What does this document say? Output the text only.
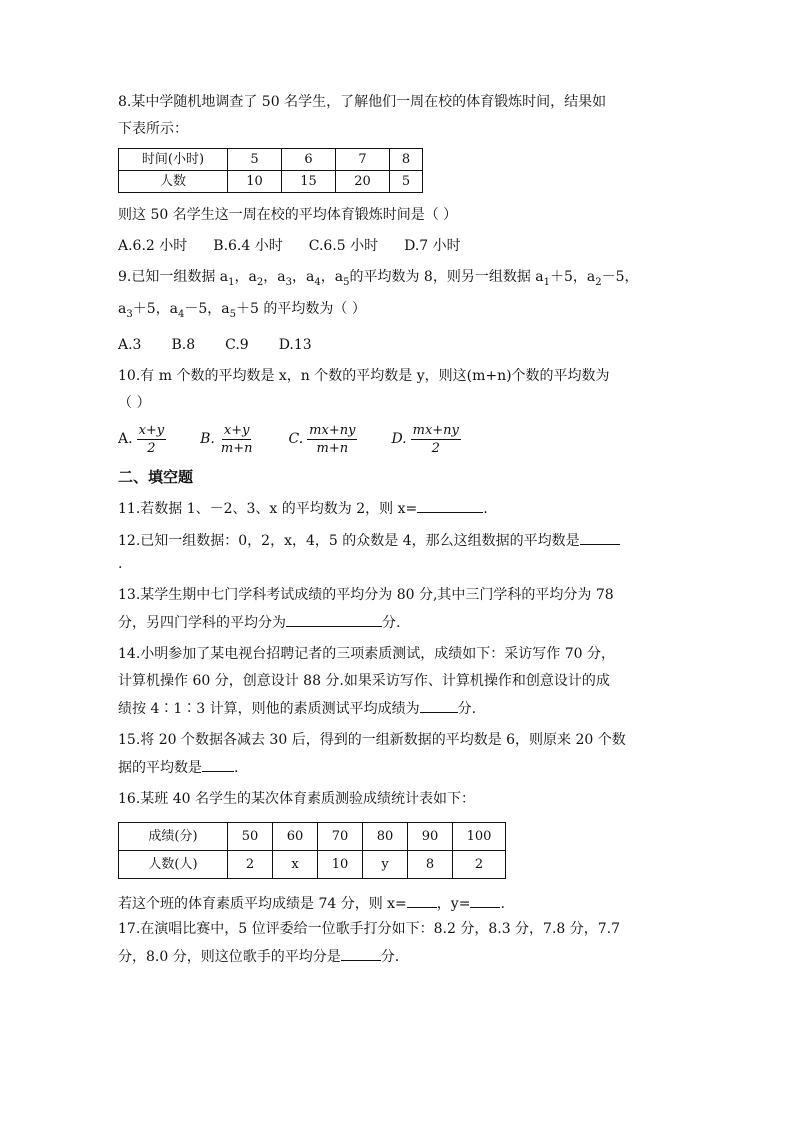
8.某中学随机地调查了 50 名学生，了解他们一周在校的体育锻炼时间，结果如

下表所示：

时间(小时)	5	6	7	8
人数	10	15	20	5

则这 50 名学生这一周在校的平均体育锻炼时间是（ ）

A.6.2 小时 B.6.4 小时 C.6.5 小时 D.7 小时

9.已知一组数据 $a_1$，$a_2$，$a_3$，$a_4$，$a_5$的平均数为 8，则另一组数据 $a_1+5$，$a_2-5$，

$a_3+5$，$a_4-5$，$a_5+5$ 的平均数为（ ）

A.3 B.8 C.9 D.13

10.有 m 个数的平均数是 x，n 个数的平均数是 y，则这(m+n)个数的平均数为

（ ）

A. $\frac{x+y}{2} B$. $\frac{x+y}{m+n} C$. $\frac{mx+ny}{m+n} D$. $\frac{mx+ny}{2}$

二、填空题

11.若数据 1、－2、3、x 的平均数为 2，则 x=	.

12.已知一组数据：0，2，x，4，5 的众数是 4，那么这组数据的平均数是

.

13.某学生期中七门学科考试成绩的平均分为 80 分,其中三门学科的平均分为 78

分，另四门学科的平均分为	分.

14.小明参加了某电视台招聘记者的三项素质测试，成绩如下：采访写作 70 分，

计算机操作 60 分，创意设计 88 分.如果采访写作、计算机操作和创意设计的成

绩按 4∶1∶3 计算，则他的素质测试平均成绩为	分.

15.将 20 个数据各减去 30 后，得到的一组新数据的平均数是 6，则原来 20 个数

据的平均数是 .

16.某班 40 名学生的某次体育素质测验成绩统计表如下：

成绩(分)	50	60	70	80	90	100
人数(人)	2	x	10	y	8	2

若这个班的体育素质平均成绩是 74 分，则 x= ，y= .

17.在演唱比赛中，5 位评委给一位歌手打分如下：8.2 分，8.3 分，7.8 分，7.7

分，8.0 分，则这位歌手的平均分是	分.
